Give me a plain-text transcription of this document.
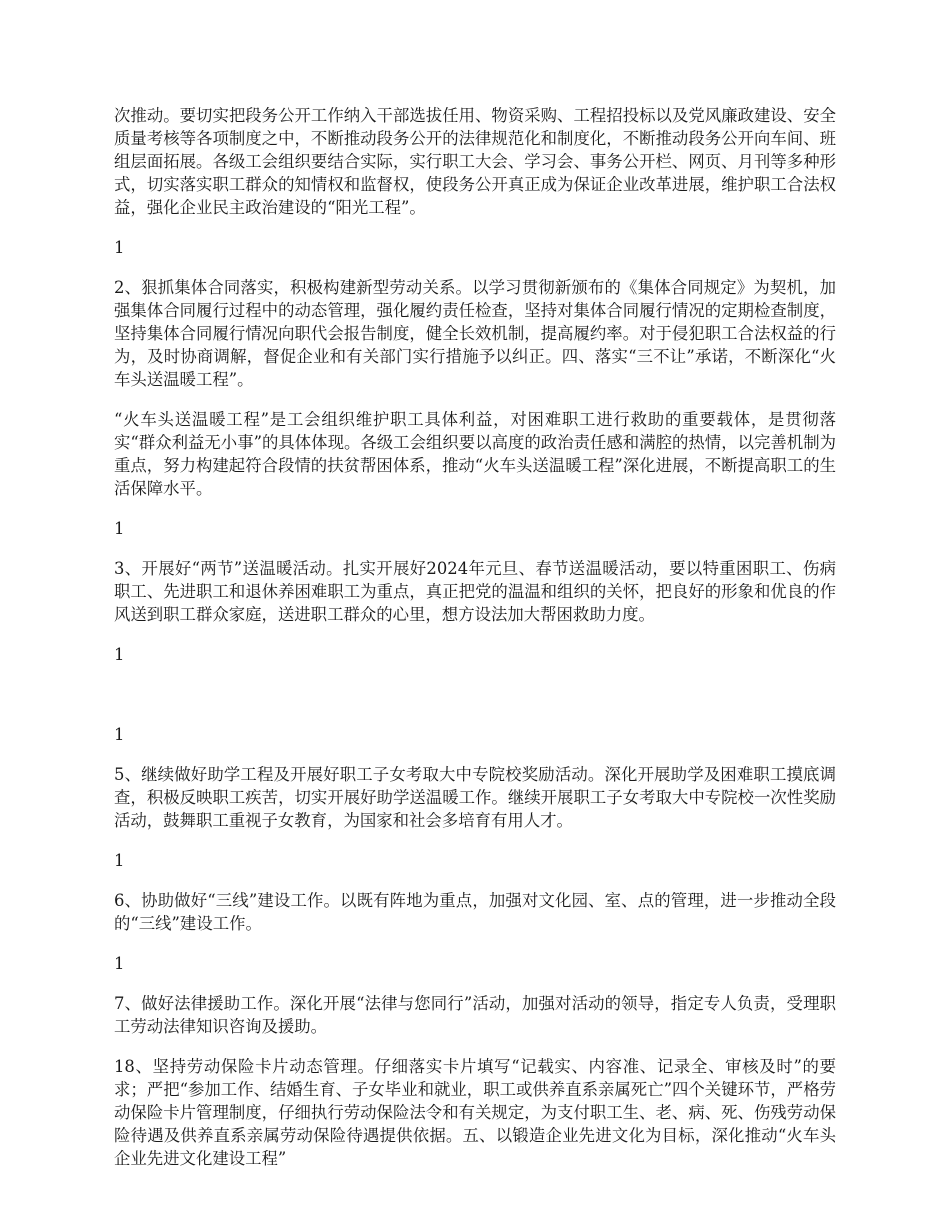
次推动。要切实把段务公开工作纳入干部选拔任用、物资采购、工程招投标以及党风廉政建设、安全质量考核等各项制度之中，不断推动段务公开的法律规范化和制度化，不断推动段务公开向车间、班组层面拓展。各级工会组织要结合实际，实行职工大会、学习会、事务公开栏、网页、月刊等多种形式，切实落实职工群众的知情权和监督权，使段务公开真正成为保证企业改革进展，维护职工合法权益，强化企业民主政治建设的“阳光工程”。

1

2、狠抓集体合同落实，积极构建新型劳动关系。以学习贯彻新颁布的《集体合同规定》为契机，加强集体合同履行过程中的动态管理，强化履约责任检查，坚持对集体合同履行情况的定期检查制度，坚持集体合同履行情况向职代会报告制度，健全长效机制，提高履约率。对于侵犯职工合法权益的行为，及时协商调解，督促企业和有关部门实行措施予以纠正。四、落实“三不让”承诺，不断深化“火车头送温暖工程”。

“火车头送温暖工程”是工会组织维护职工具体利益，对困难职工进行救助的重要载体，是贯彻落实“群众利益无小事”的具体体现。各级工会组织要以高度的政治责任感和满腔的热情，以完善机制为重点，努力构建起符合段情的扶贫帮困体系，推动“火车头送温暖工程”深化进展，不断提高职工的生活保障水平。

1

3、开展好“两节”送温暖活动。扎实开展好2024年元旦、春节送温暖活动，要以特重困职工、伤病职工、先进职工和退休养困难职工为重点，真正把党的温温和组织的关怀，把良好的形象和优良的作风送到职工群众家庭，送进职工群众的心里，想方设法加大帮困救助力度。

1

1

5、继续做好助学工程及开展好职工子女考取大中专院校奖励活动。深化开展助学及困难职工摸底调查，积极反映职工疾苦，切实开展好助学送温暖工作。继续开展职工子女考取大中专院校一次性奖励活动，鼓舞职工重视子女教育，为国家和社会多培育有用人才。

1

6、协助做好“三线”建设工作。以既有阵地为重点，加强对文化园、室、点的管理，进一步推动全段的“三线”建设工作。

1

7、做好法律援助工作。深化开展“法律与您同行”活动，加强对活动的领导，指定专人负责，受理职工劳动法律知识咨询及援助。

18、坚持劳动保险卡片动态管理。仔细落实卡片填写“记载实、内容准、记录全、审核及时”的要求；严把“参加工作、结婚生育、子女毕业和就业，职工或供养直系亲属死亡”四个关键环节，严格劳动保险卡片管理制度，仔细执行劳动保险法令和有关规定，为支付职工生、老、病、死、伤残劳动保险待遇及供养直系亲属劳动保险待遇提供依据。五、以锻造企业先进文化为目标，深化推动“火车头企业先进文化建设工程”
